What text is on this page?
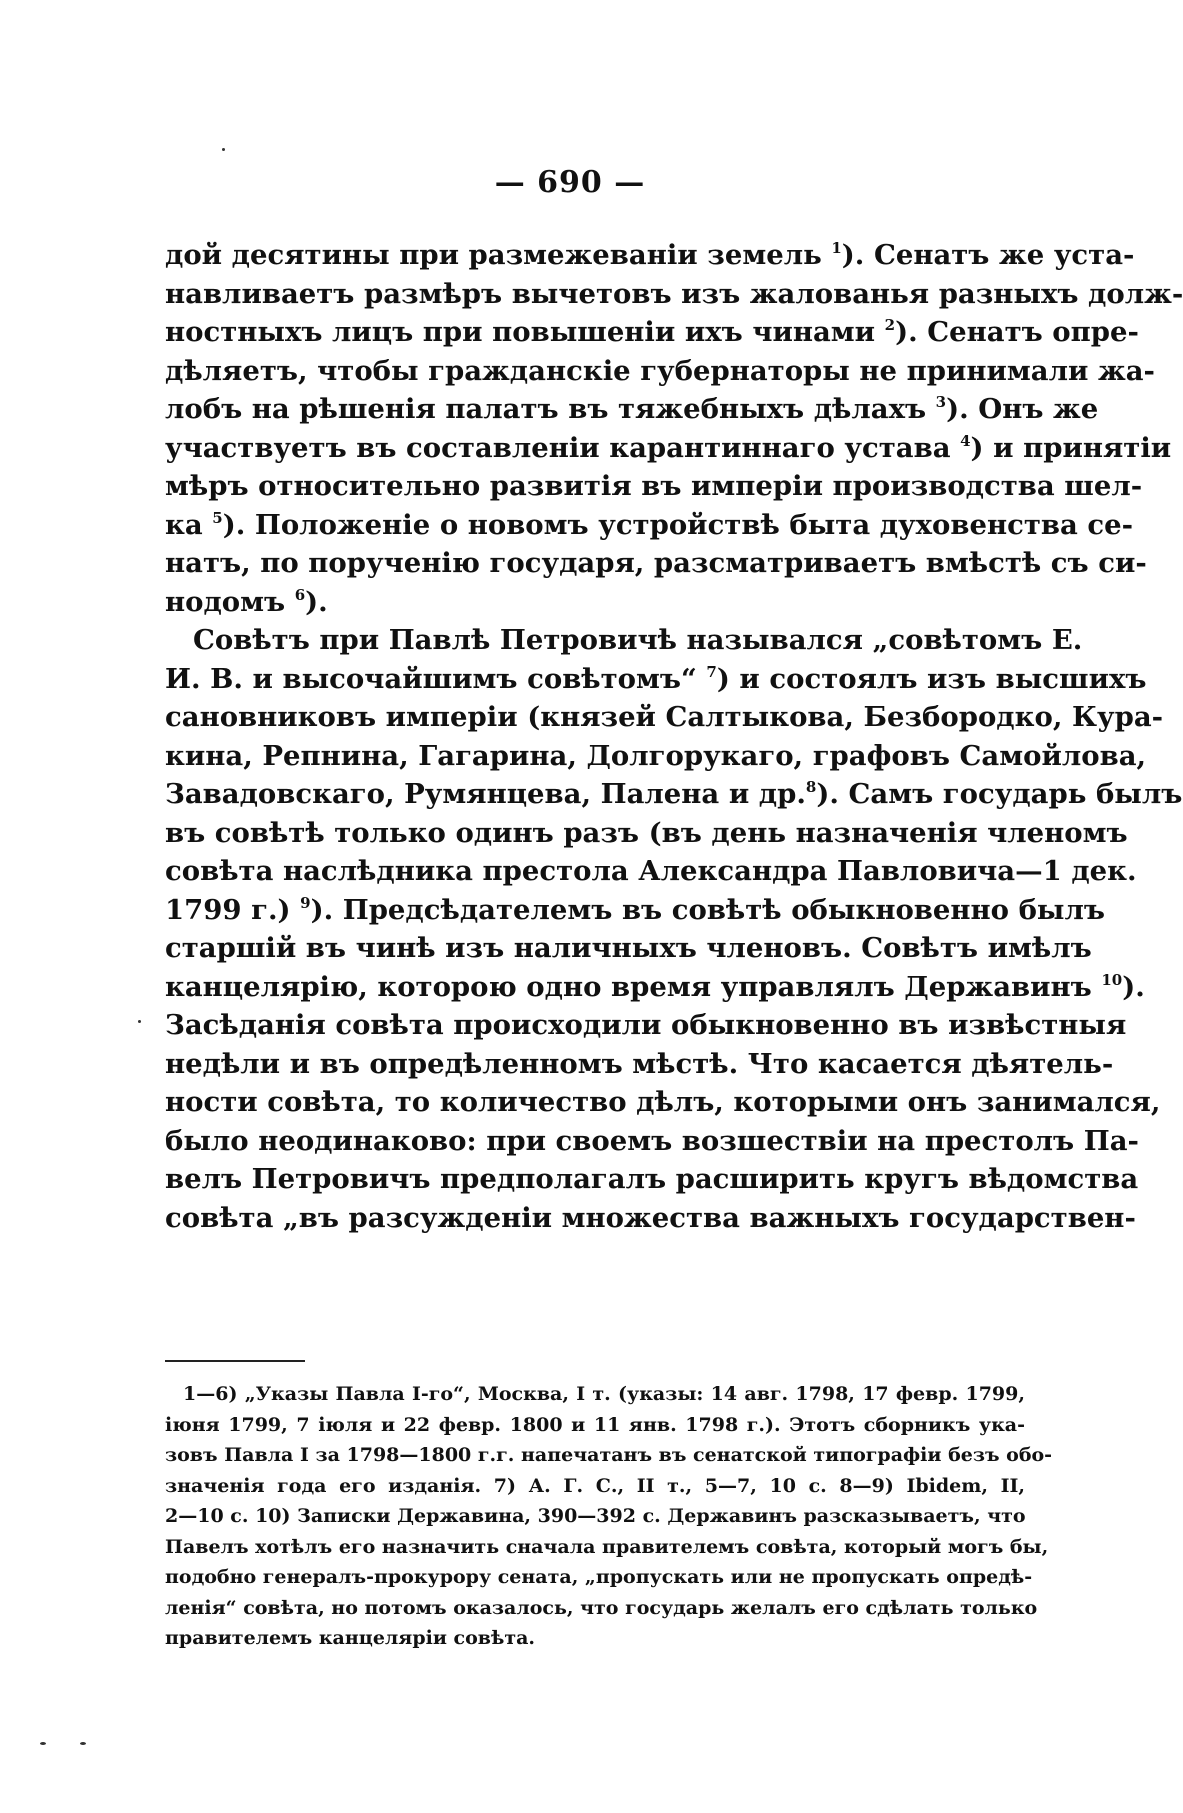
— 690 —
дой десятины при размежеваніи земель $^1$). Сенатъ же уста-
навливаетъ размѣръ вычетовъ изъ жалованья разныхъ долж-
ностныхъ лицъ при повышеніи ихъ чинами $^2$). Сенатъ опре-
дѣляетъ, чтобы гражданскіе губернаторы не принимали жа-
лобъ на рѣшенія палатъ въ тяжебныхъ дѣлахъ $^3$). Онъ же
участвуетъ въ составленіи карантиннаго устава $^4$) и принятіи
мѣръ относительно развитія въ имперіи производства шел-
ка $^5$). Положеніе о новомъ устройствѣ быта духовенства се-
натъ, по порученію государя, разсматриваетъ вмѣстѣ съ си-
нодомъ $^6$).
Совѣтъ при Павлѣ Петровичѣ назывался „совѣтомъ Е.
И. В. и высочайшимъ совѣтомъ“ $^7$) и состоялъ изъ высшихъ
сановниковъ имперіи (князей Салтыкова, Безбородко, Кура-
кина, Репнина, Гагарина, Долгорукаго, графовъ Самойлова,
Завадовскаго, Румянцева, Палена и др.$^8$). Самъ государь былъ
въ совѣтѣ только одинъ разъ (въ день назначенія членомъ
совѣта наслѣдника престола Александра Павловича—1 дек.
1799 г.) $^9$). Предсѣдателемъ въ совѣтѣ обыкновенно былъ
старшій въ чинѣ изъ наличныхъ членовъ. Совѣтъ имѣлъ
канцелярію, которою одно время управлялъ Державинъ $^{10}$).
Засѣданія совѣта происходили обыкновенно въ извѣстныя
недѣли и въ опредѣленномъ мѣстѣ. Что касается дѣятель-
ности совѣта, то количество дѣлъ, которыми онъ занимался,
было неодинаково: при своемъ возшествіи на престолъ Па-
велъ Петровичъ предполагалъ расширить кругъ вѣдомства
совѣта „въ разсужденіи множества важныхъ государствен-
1—6) „Указы Павла I-го“, Москва, I т. (указы: 14 авг. 1798, 17 февр. 1799,
іюня 1799, 7 іюля и 22 февр. 1800 и 11 янв. 1798 г.). Этотъ сборникъ ука-
зовъ Павла I за 1798—1800 г.г. напечатанъ въ сенатской типографіи безъ обо-
значенія года его изданія. 7) А. Г. С., II т., 5—7, 10 с. 8—9) Ibidem, II,
2—10 с. 10) Записки Державина, 390—392 с. Державинъ разсказываетъ, что
Павелъ хотѣлъ его назначить сначала правителемъ совѣта, который могъ бы,
подобно генералъ-прокурору сената, „пропускать или не пропускать опредѣ-
ленія“ совѣта, но потомъ оказалось, что государь желалъ его сдѣлать только
правителемъ канцеляріи совѣта.
